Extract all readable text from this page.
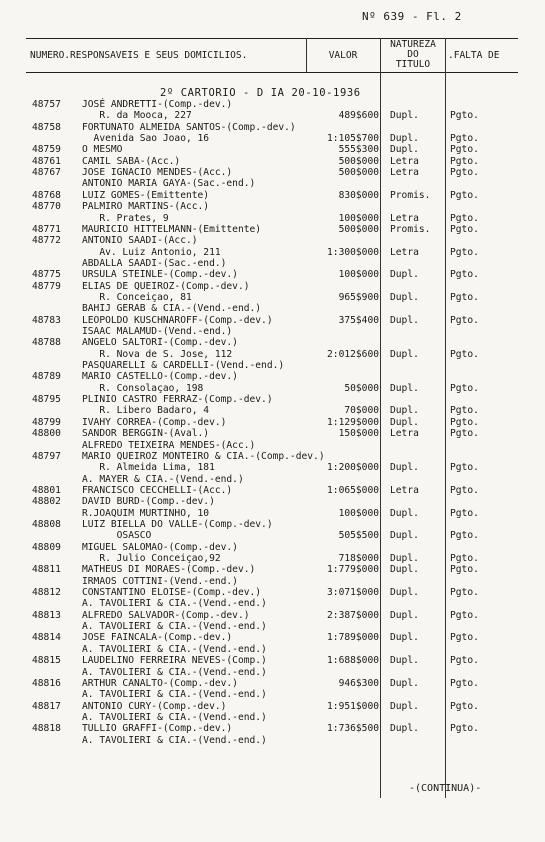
Nº 639 - Fl. 2
NUMERO.RESPONSAVEIS E SEUS DOMICILIOS.	VALOR
NATUREZA
DO
TITULO
.FALTA DE
2º CARTORIO - D IA 20-10-1936
48757 JOSÉ ANDRETTI-(Comp.-dev.)
R. da Mooca, 227	489$600 Dupl.	Pgto.
48758 FORTUNATO ALMEIDA SANTOS-(Comp.-dev.)
Avenida Sao Joao, 16	1:105$700 Dupl.	Pgto.
48759 O MESMO	555$300 Dupl.	Pgto.
48761 CAMIL SABA-(Acc.)	500$000 Letra	Pgto.
48767 JOSE IGNACIO MENDES-(Acc.)	500$000 Letra	Pgto.
ANTONIO MARIA GAYA-(Sac.-end.)
48768 LUIZ GOMES-(Emittente)	830$000 Promis. Pgto.
48770 PALMIRO MARTINS-(Acc.)
R. Prates, 9	100$000 Letra	Pgto.
48771 MAURICIO HITTELMANN-(Emittente)	500$000 Promis. Pgto.
48772 ANTONIO SAADI-(Acc.)
Av. Luiz Antonio, 211	1:300$000 Letra	Pgto.
ABDALLA SAADI-(Sac.-end.)
48775 URSULA STEINLE-(Comp.-dev.)	100$000 Dupl.	Pgto.
48779 ELIAS DE QUEIROZ-(Comp.-dev.)
R. Conceiçao, 81	965$900 Dupl.	Pgto.
BAHIJ GERAB & CIA.-(Vend.-end.)
48783 LEOPOLDO KUSCHNAROFF-(Comp.-dev.)	375$400 Dupl.	Pgto.
ISAAC MALAMUD-(Vend.-end.)
48788 ANGELO SALTORI-(Comp.-dev.)
R. Nova de S. Jose, 112	2:012$600 Dupl.	Pgto.
PASQUARELLI & CARDELLI-(Vend.-end.)
48789 MARIO CASTELLO-(Comp.-dev.)
R. Consolaçao, 198	50$000 Dupl.	Pgto.
48795 PLINIO CASTRO FERRAZ-(Comp.-dev.)
R. Libero Badaro, 4	70$000 Dupl.	Pgto.
48799 IVAHY CORREA-(Comp.-dev.)	1:129$000 Dupl.	Pgto.
48800 SANDOR BERGGIN-(Aval.)	150$000 Letra	Pgto.
ALFREDO TEIXEIRA MENDES-(Acc.)
48797 MARIO QUEIROZ MONTEIRO & CIA.-(Comp.-dev.)
R. Almeida Lima, 181	1:200$000 Dupl.	Pgto.
A. MAYER & CIA.-(Vend.-end.)
48801 FRANCISCO CECCHELLI-(Acc.)	1:065$000 Letra	Pgto.
48802 DAVID BURD-(Comp.-dev.)
R.JOAQUIM MURTINHO, 10	100$000 Dupl.	Pgto.
48808 LUIZ BIELLA DO VALLE-(Comp.-dev.)
OSASCO	505$500 Dupl.	Pgto.
48809 MIGUEL SALOMAO-(Comp.-dev.)
R. Julio Conceiçao,92	718$000 Dupl.	Pgto.
48811 MATHEUS DI MORAES-(Comp.-dev.)	1:779$000 Dupl.	Pgto.
IRMAOS COTTINI-(Vend.-end.)
48812 CONSTANTINO ELOISE-(Comp.-dev.)	3:071$000 Dupl.	Pgto.
A. TAVOLIERI & CIA.-(Vend.-end.)
48813 ALFREDO SALVADOR-(Comp.-dev.)	2:387$000 Dupl.	Pgto.
A. TAVOLIERI & CIA.-(Vend.-end.)
48814 JOSE FAINCALA-(Comp.-dev.)	1:789$000 Dupl.	Pgto.
A. TAVOLIERI & CIA.-(Vend.-end.)
48815 LAUDELINO FERREIRA NEVES-(Comp.)	1:688$000 Dupl.	Pgto.
A. TAVOLIERI & CIA.-(Vend.-end.)
48816 ARTHUR CANALTO-(Comp.-dev.)	946$300 Dupl.	Pgto.
A. TAVOLIERI & CIA.-(Vend.-end.)
48817 ANTONIO CURY-(Comp.-dev.)	1:951$000 Dupl.	Pgto.
A. TAVOLIERI & CIA.-(Vend.-end.)
48818 TULLIO GRAFFI-(Comp.-dev.)	1:736$500 Dupl.	Pgto.
A. TAVOLIERI & CIA.-(Vend.-end.)
-(CONTINUA)-
